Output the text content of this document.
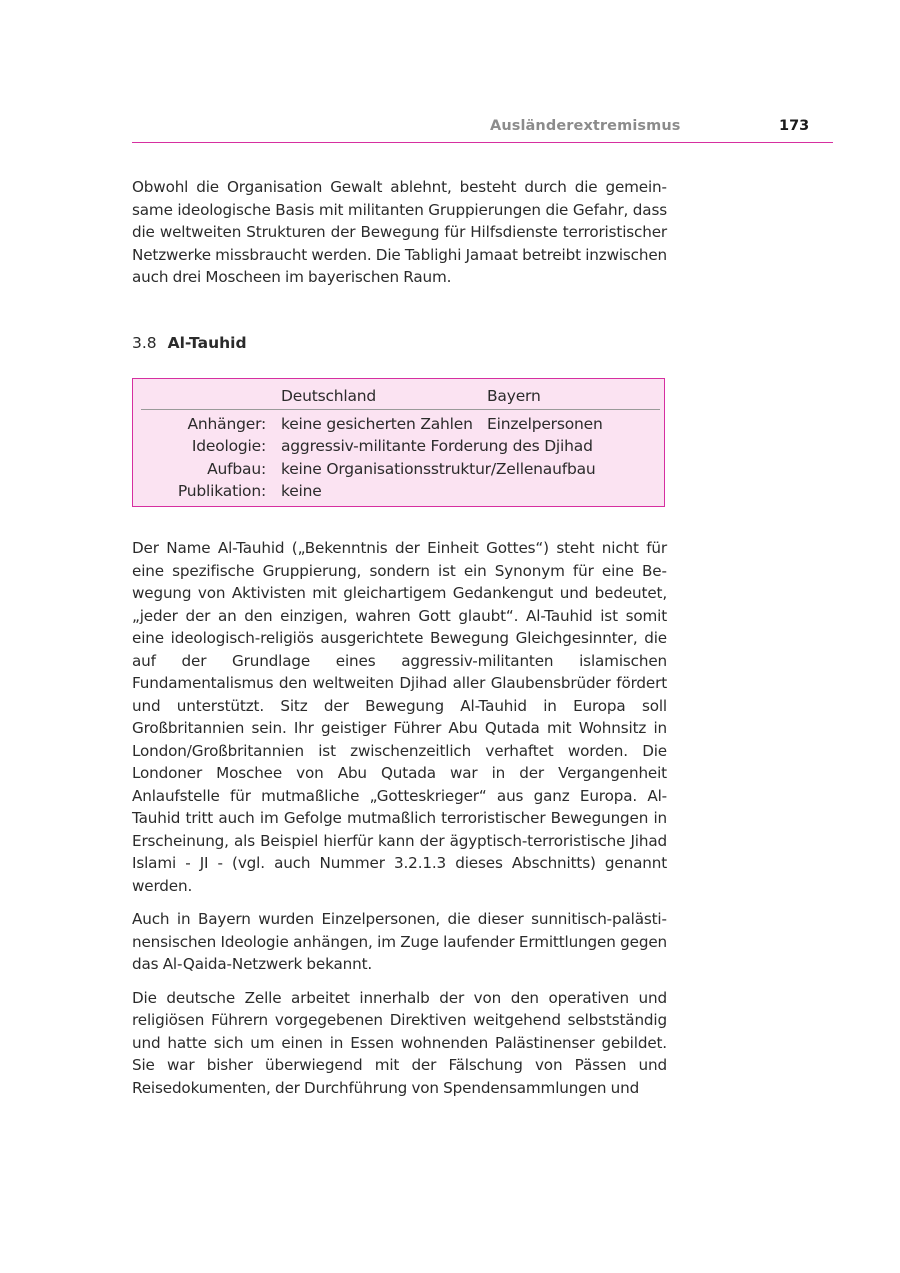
Ausländerextremismus	173

Obwohl die Organisation Gewalt ablehnt, besteht durch die gemeinsame ideologische Basis mit militanten Gruppierungen die Gefahr, dass die weltweiten Strukturen der Bewegung für Hilfsdienste terroristischer Netzwerke missbraucht werden. Die Tablighi Jamaat betreibt inzwischen auch drei Moscheen im bayerischen Raum.

3.8 Al-Tauhid
Deutschland	Bayern
Anhänger: keine gesicherten Zahlen Einzelpersonen
Ideologie: aggressiv-militante Forderung des Djihad
Aufbau: keine Organisationsstruktur/Zellenaufbau
Publikation: keine

Der Name Al-Tauhid („Bekenntnis der Einheit Gottes“) steht nicht für eine spezifische Gruppierung, sondern ist ein Synonym für eine Bewegung von Aktivisten mit gleichartigem Gedankengut und bedeutet, „jeder der an den einzigen, wahren Gott glaubt“. Al-Tauhid ist somit eine ideologisch-religiös ausgerichtete Bewegung Gleichgesinnter, die auf der Grundlage eines aggressiv-militanten islamischen Fundamentalismus den weltweiten Djihad aller Glaubensbrüder fördert und unterstützt. Sitz der Bewegung Al-Tauhid in Europa soll Großbritannien sein. Ihr geistiger Führer Abu Qutada mit Wohnsitz in London/Großbritannien ist zwischenzeitlich verhaftet worden. Die Londoner Moschee von Abu Qutada war in der Vergangenheit Anlaufstelle für mutmaßliche „Gotteskrieger“ aus ganz Europa. Al-Tauhid tritt auch im Gefolge mutmaßlich terroristischer Bewegungen in Erscheinung, als Beispiel hierfür kann der ägyptisch-terroristische Jihad Islami - JI - (vgl. auch Nummer 3.2.1.3 dieses Abschnitts) genannt werden.

Auch in Bayern wurden Einzelpersonen, die dieser sunnitisch-palästinensischen Ideologie anhängen, im Zuge laufender Ermittlungen gegen das Al-Qaida-Netzwerk bekannt.

Die deutsche Zelle arbeitet innerhalb der von den operativen und religiösen Führern vorgegebenen Direktiven weitgehend selbstständig und hatte sich um einen in Essen wohnenden Palästinenser gebildet. Sie war bisher überwiegend mit der Fälschung von Pässen und Reisedokumenten, der Durchführung von Spendensammlungen und
